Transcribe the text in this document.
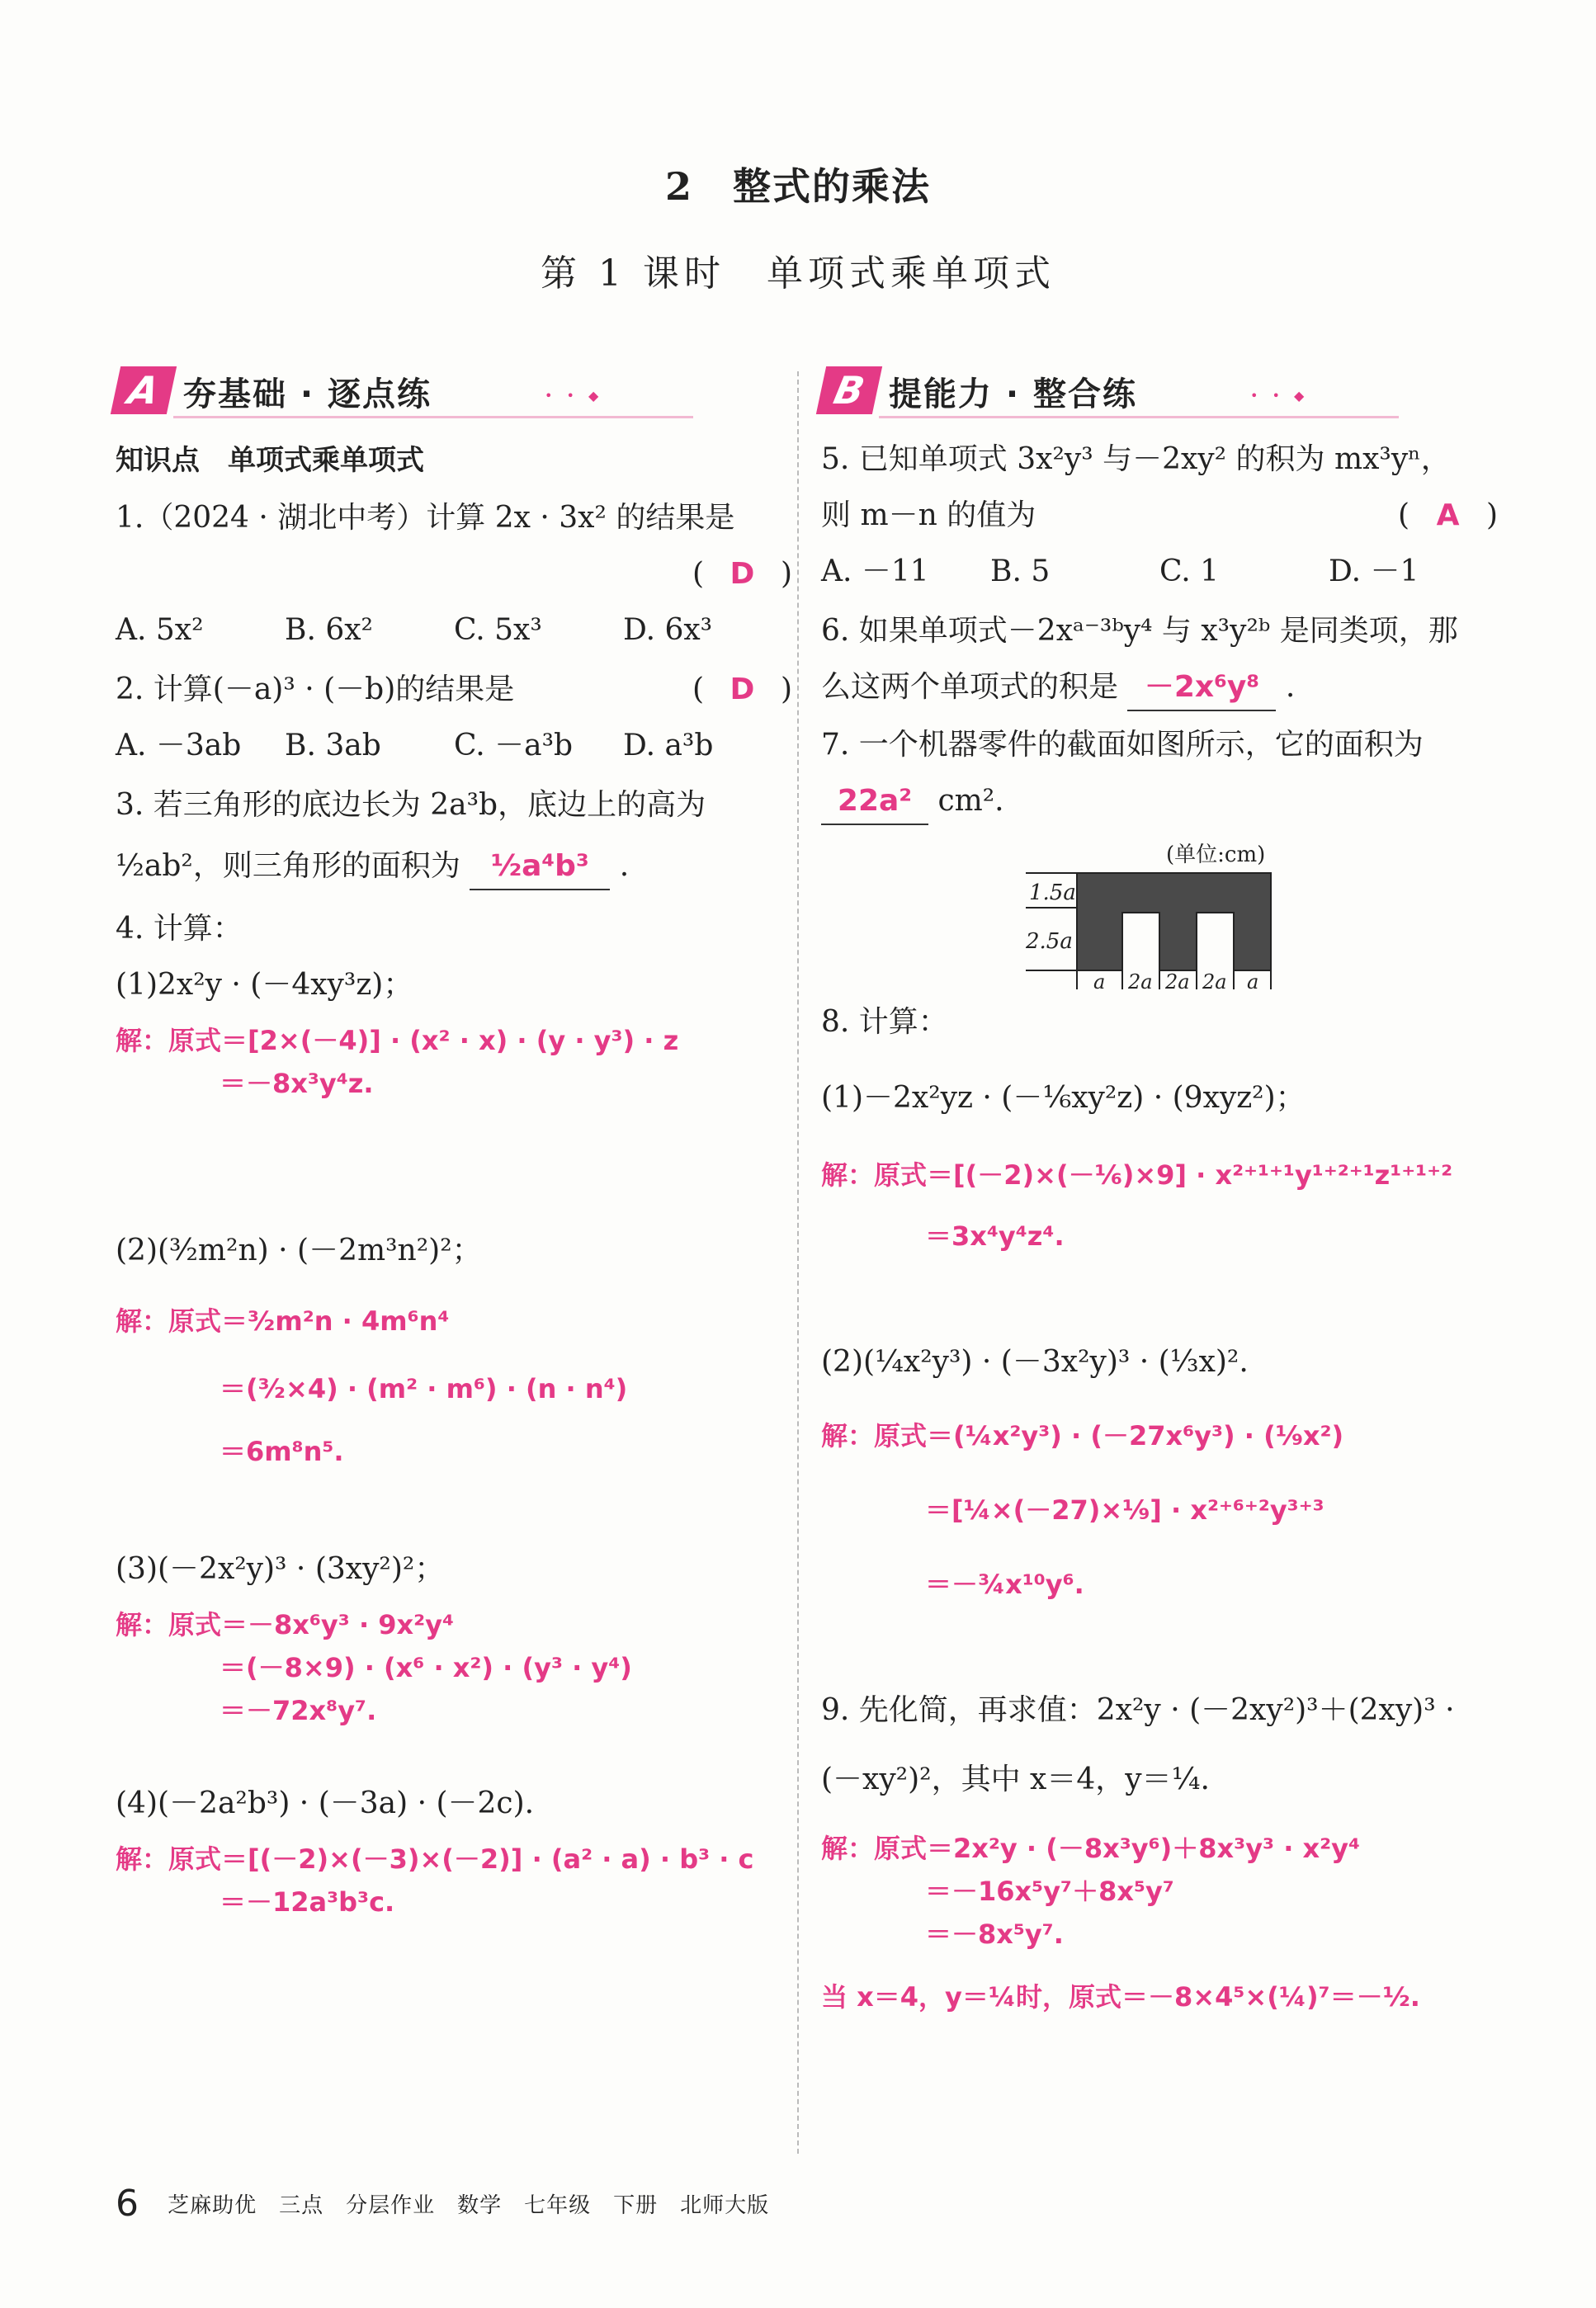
2　整式的乘法
第 1 课时　单项式乘单项式
A 夯基础 · 逐点练	• • ◆
知识点　单项式乘单项式
1.（2024 · 湖北中考）计算 2x · 3x² 的结果是
( D )

A. 5x²	B. 6x²	C. 5x³	D. 6x³
2. 计算(－a)³ · (－b)的结果是	( D )
A. －3ab	B. 3ab	C. －a³b	D. a³b
3. 若三角形的底边长为 2a³b，底边上的高为
½ab²，则三角形的面积为 ½a⁴b³ .
4. 计算：
(1)2x²y · (－4xy³z)；
解：原式＝[2×(－4)] · (x² · x) · (y · y³) · z
＝－8x³y⁴z.
(2)(³⁄₂m²n) · (－2m³n²)²；
解：原式＝³⁄₂m²n · 4m⁶n⁴
＝(³⁄₂×4) · (m² · m⁶) · (n · n⁴)
＝6m⁸n⁵.
(3)(－2x²y)³ · (3xy²)²；
解：原式＝－8x⁶y³ · 9x²y⁴
＝(－8×9) · (x⁶ · x²) · (y³ · y⁴)
＝－72x⁸y⁷.
(4)(－2a²b³) · (－3a) · (－2c).
解：原式＝[(－2)×(－3)×(－2)] · (a² · a) · b³ · c
＝－12a³b³c.
B 提能力 · 整合练	• • ◆
5. 已知单项式 3x²y³ 与－2xy² 的积为 mx³yⁿ，
则 m－n 的值为	( A )
A. －11	B. 5	C. 1	D. －1
6. 如果单项式－2xᵃ⁻³ᵇy⁴ 与 x³y²ᵇ 是同类项，那
么这两个单项式的积是 －2x⁶y⁸ .
7. 一个机器零件的截面如图所示，它的面积为
22a² cm².
(单位:cm)
1.5a
2.5a
a 2a 2a 2a a
8. 计算：
(1)－2x²yz · (－⅙xy²z) · (9xyz²)；
解：原式＝[(－2)×(－⅙)×9] · x²⁺¹⁺¹y¹⁺²⁺¹z¹⁺¹⁺²
＝3x⁴y⁴z⁴.
(2)(¼x²y³) · (－3x²y)³ · (⅓x)².
解：原式＝(¼x²y³) · (－27x⁶y³) · (⅑x²)
＝[¼×(－27)×⅑] · x²⁺⁶⁺²y³⁺³
＝－¾x¹⁰y⁶.
9. 先化简，再求值：2x²y · (－2xy²)³＋(2xy)³ ·
(－xy²)²，其中 x＝4，y＝¼.
解：原式＝2x²y · (－8x³y⁶)＋8x³y³ · x²y⁴
＝－16x⁵y⁷＋8x⁵y⁷
＝－8x⁵y⁷.
当 x＝4，y＝¼时，原式＝－8×4⁵×(¼)⁷＝－½.
6 芝麻助优　三点　分层作业　数学　七年级　下册　北师大版
